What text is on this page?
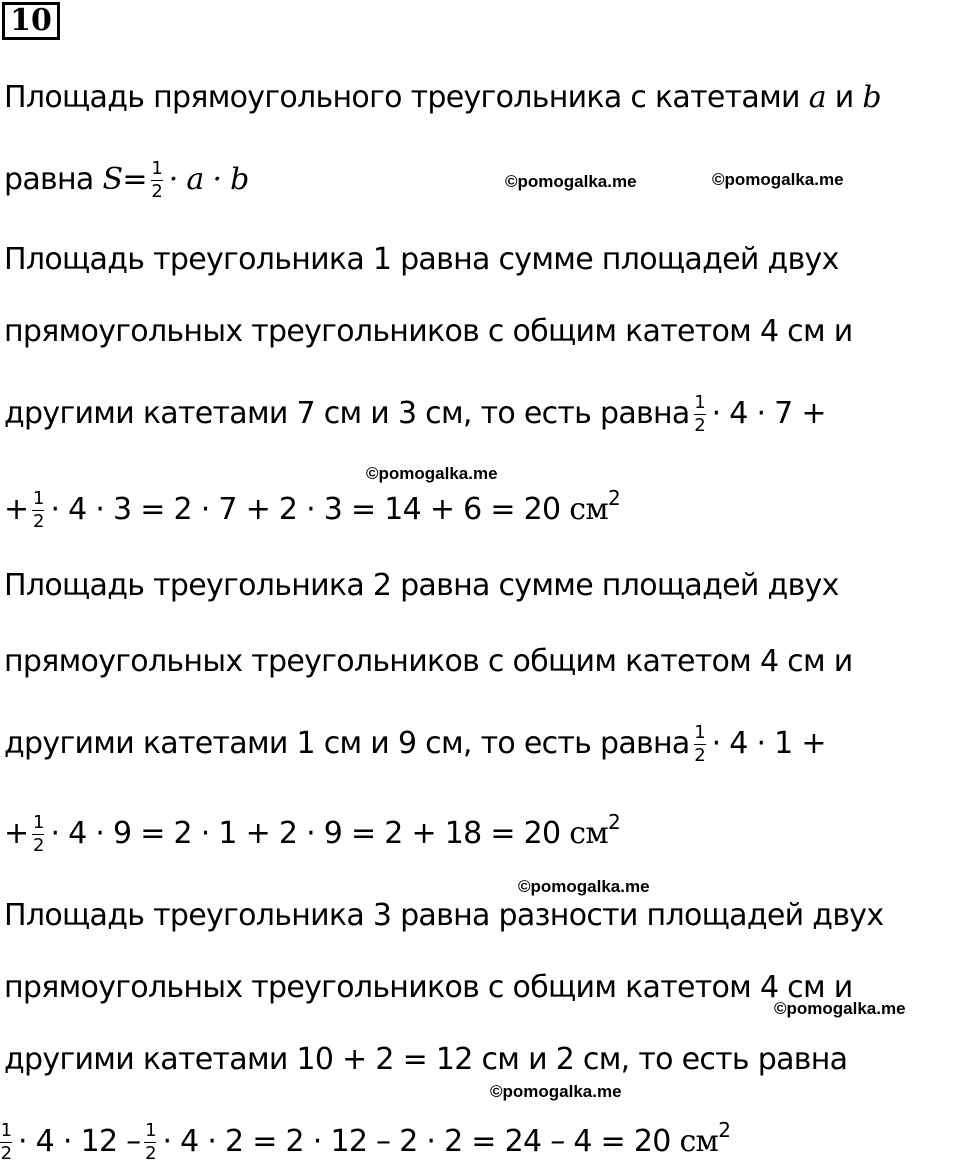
10
Площадь прямоугольного треугольника с катетами a и b
равна $S= \frac{1}{2} \cdot a \cdot b$
Площадь треугольника 1 равна сумме площадей двух
прямоугольных треугольников с общим катетом 4 см и
другими катетами 7 см и 3 см, то есть равна $\frac{1}{2} \cdot 4 \cdot 7$ +
+ $\frac{1}{2} \cdot 4 \cdot 3 = 2 \cdot 7 + 2 \cdot 3 = 14 + 6 = 20$ $см^2$
Площадь треугольника 2 равна сумме площадей двух
прямоугольных треугольников с общим катетом 4 см и
другими катетами 1 см и 9 см, то есть равна $\frac{1}{2} \cdot 4 \cdot 1$ +
+ $\frac{1}{2} \cdot 4 \cdot 9 = 2 \cdot 1 + 2 \cdot 9 = 2 + 18 = 20$ $см^2$
Площадь треугольника 3 равна разности площадей двух
прямоугольных треугольников с общим катетом 4 см и
другими катетами 10 + 2 = 12 см и 2 см, то есть равна
$\frac{1}{2} \cdot 4 \cdot 12 - \frac{1}{2} \cdot 4 \cdot 2 = 2 \cdot 12 - 2 \cdot 2 = 24 - 4 = 20$ $см^2$
©pomogalka.me	©pomogalka.me
©pomogalka.me
©pomogalka.me
©pomogalka.me
©pomogalka.me
